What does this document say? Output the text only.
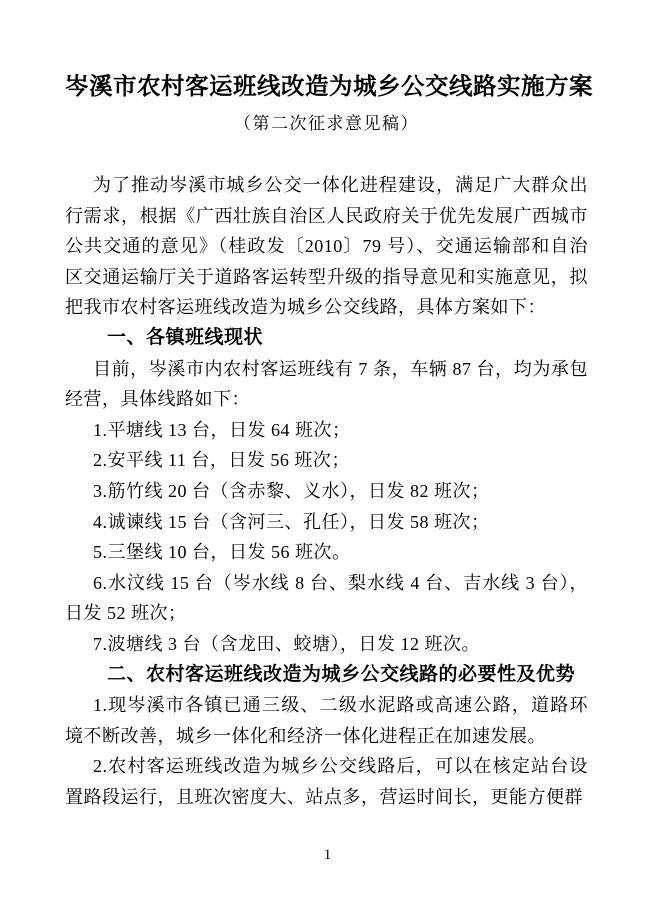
岑溪市农村客运班线改造为城乡公交线路实施方案
（第二次征求意见稿）

为了推动岑溪市城乡公交一体化进程建设，满足广大群众出行需求，根据《广西壮族自治区人民政府关于优先发展广西城市公共交通的意见》（桂政发〔2010〕79 号）、交通运输部和自治区交通运输厅关于道路客运转型升级的指导意见和实施意见，拟把我市农村客运班线改造为城乡公交线路，具体方案如下：

一、各镇班线现状

目前，岑溪市内农村客运班线有 7 条，车辆 87 台，均为承包经营，具体线路如下：

1.平塘线 13 台，日发 64 班次；

2.安平线 11 台，日发 56 班次；

3.筋竹线 20 台（含赤黎、义水），日发 82 班次；

4.诚谏线 15 台（含河三、孔任），日发 58 班次；

5.三堡线 10 台，日发 56 班次。

6.水汶线 15 台（岑水线 8 台、梨水线 4 台、吉水线 3 台），日发 52 班次；

7.波塘线 3 台（含龙田、蛟塘），日发 12 班次。

二、农村客运班线改造为城乡公交线路的必要性及优势

1.现岑溪市各镇已通三级、二级水泥路或高速公路，道路环境不断改善，城乡一体化和经济一体化进程正在加速发展。

2.农村客运班线改造为城乡公交线路后，可以在核定站台设置路段运行，且班次密度大、站点多，营运时间长，更能方便群

1
